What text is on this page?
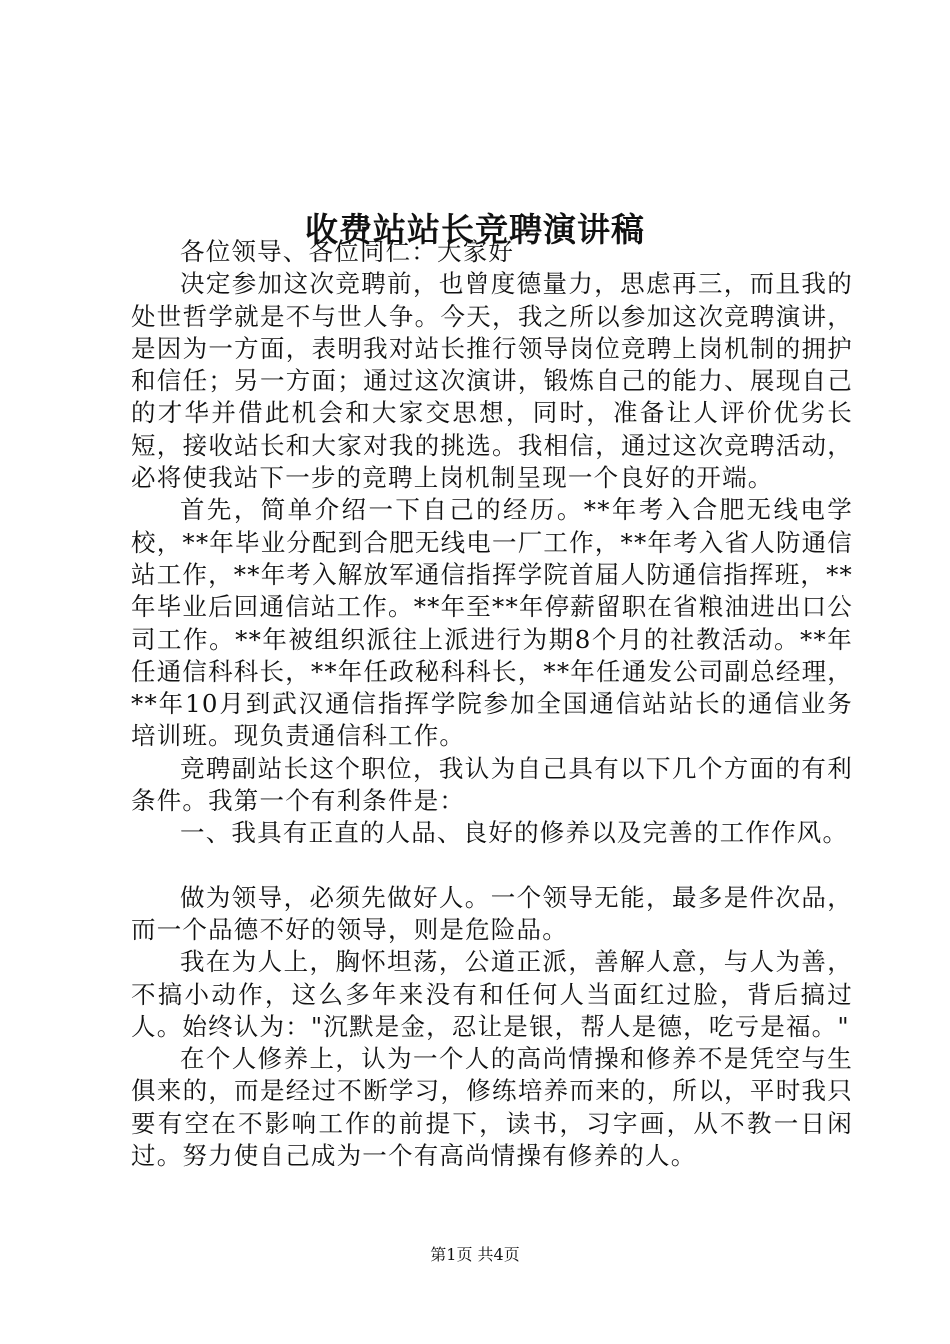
收费站站长竞聘演讲稿

各位领导、各位同仁：大家好

决定参加这次竞聘前，也曾度德量力，思虑再三，而且我的处世哲学就是不与世人争。今天，我之所以参加这次竞聘演讲，是因为一方面，表明我对站长推行领导岗位竞聘上岗机制的拥护和信任；另一方面；通过这次演讲，锻炼自己的能力、展现自己的才华并借此机会和大家交思想，同时，准备让人评价优劣长短，接收站长和大家对我的挑选。我相信，通过这次竞聘活动，必将使我站下一步的竞聘上岗机制呈现一个良好的开端。

首先，简单介绍一下自己的经历。**年考入合肥无线电学校，**年毕业分配到合肥无线电一厂工作，**年考入省人防通信站工作，**年考入解放军通信指挥学院首届人防通信指挥班，**年毕业后回通信站工作。**年至**年停薪留职在省粮油进出口公司工作。**年被组织派往上派进行为期8个月的社教活动。**年任通信科科长，**年任政秘科科长，**年任通发公司副总经理，**年10月到武汉通信指挥学院参加全国通信站站长的通信业务培训班。现负责通信科工作。

竞聘副站长这个职位，我认为自己具有以下几个方面的有利条件。我第一个有利条件是：

一、我具有正直的人品、良好的修养以及完善的工作作风。

做为领导，必须先做好人。一个领导无能，最多是件次品，而一个品德不好的领导，则是危险品。

我在为人上，胸怀坦荡，公道正派，善解人意，与人为善，不搞小动作，这么多年来没有和任何人当面红过脸，背后搞过人。始终认为："沉默是金，忍让是银，帮人是德，吃亏是福。"

在个人修养上，认为一个人的高尚情操和修养不是凭空与生俱来的，而是经过不断学习，修练培养而来的，所以，平时我只要有空在不影响工作的前提下，读书，习字画，从不教一日闲过。努力使自己成为一个有高尚情操有修养的人。

第1页 共4页
